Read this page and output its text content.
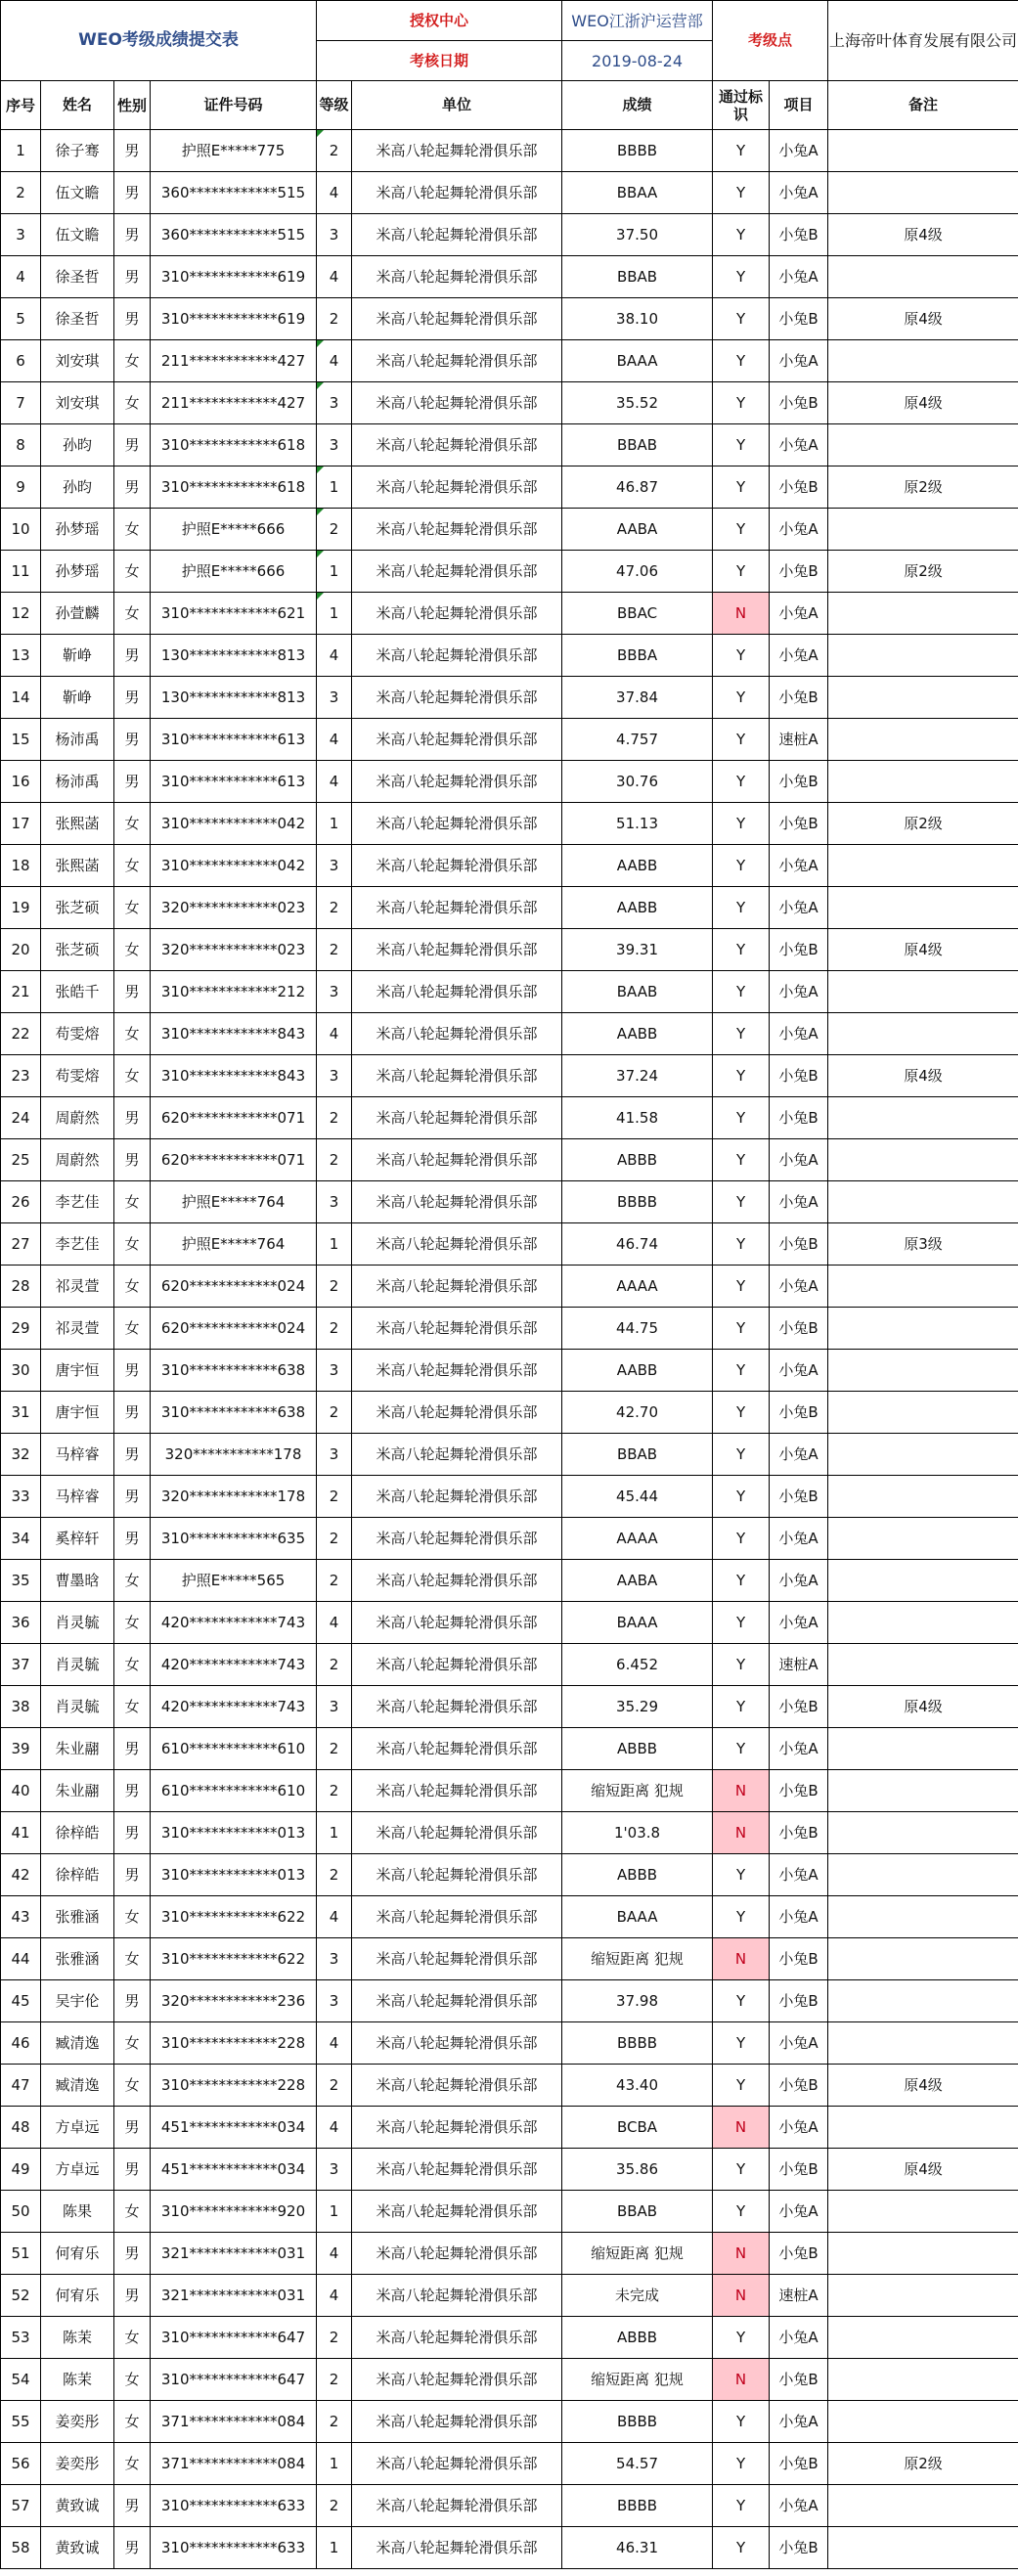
WEO考级成绩提交表				授权中心		WEO江浙沪运营部	考级点		上海帝叶体育发展有限公司
				考核日期		2019-08-24			
序号	姓名	性别	证件号码	等级	单位	成绩	通过标识	项目	备注
1	徐子骞	男	护照E*****775	2	米高八轮起舞轮滑俱乐部	BBBB	Y	小兔A	
2	伍文瞻	男	360************515	4	米高八轮起舞轮滑俱乐部	BBAA	Y	小兔A	
3	伍文瞻	男	360************515	3	米高八轮起舞轮滑俱乐部	37.50	Y	小兔B	原4级
4	徐圣哲	男	310************619	4	米高八轮起舞轮滑俱乐部	BBAB	Y	小兔A	
5	徐圣哲	男	310************619	2	米高八轮起舞轮滑俱乐部	38.10	Y	小兔B	原4级
6	刘安琪	女	211************427	4	米高八轮起舞轮滑俱乐部	BAAA	Y	小兔A	
7	刘安琪	女	211************427	3	米高八轮起舞轮滑俱乐部	35.52	Y	小兔B	原4级
8	孙昀	男	310************618	3	米高八轮起舞轮滑俱乐部	BBAB	Y	小兔A	
9	孙昀	男	310************618	1	米高八轮起舞轮滑俱乐部	46.87	Y	小兔B	原2级
10	孙梦瑶	女	护照E*****666	2	米高八轮起舞轮滑俱乐部	AABA	Y	小兔A	
11	孙梦瑶	女	护照E*****666	1	米高八轮起舞轮滑俱乐部	47.06	Y	小兔B	原2级
12	孙萱麟	女	310************621	1	米高八轮起舞轮滑俱乐部	BBAC	N	小兔A	
13	靳峥	男	130************813	4	米高八轮起舞轮滑俱乐部	BBBA	Y	小兔A	
14	靳峥	男	130************813	3	米高八轮起舞轮滑俱乐部	37.84	Y	小兔B	
15	杨沛禹	男	310************613	4	米高八轮起舞轮滑俱乐部	4.757	Y	速桩A	
16	杨沛禹	男	310************613	4	米高八轮起舞轮滑俱乐部	30.76	Y	小兔B	
17	张熙菡	女	310************042	1	米高八轮起舞轮滑俱乐部	51.13	Y	小兔B	原2级
18	张熙菡	女	310************042	3	米高八轮起舞轮滑俱乐部	AABB	Y	小兔A	
19	张芝硕	女	320************023	2	米高八轮起舞轮滑俱乐部	AABB	Y	小兔A	
20	张芝硕	女	320************023	2	米高八轮起舞轮滑俱乐部	39.31	Y	小兔B	原4级
21	张皓千	男	310************212	3	米高八轮起舞轮滑俱乐部	BAAB	Y	小兔A	
22	苟雯熔	女	310************843	4	米高八轮起舞轮滑俱乐部	AABB	Y	小兔A	
23	苟雯熔	女	310************843	3	米高八轮起舞轮滑俱乐部	37.24	Y	小兔B	原4级
24	周蔚然	男	620************071	2	米高八轮起舞轮滑俱乐部	41.58	Y	小兔B	
25	周蔚然	男	620************071	2	米高八轮起舞轮滑俱乐部	ABBB	Y	小兔A	
26	李艺佳	女	护照E*****764	3	米高八轮起舞轮滑俱乐部	BBBB	Y	小兔A	
27	李艺佳	女	护照E*****764	1	米高八轮起舞轮滑俱乐部	46.74	Y	小兔B	原3级
28	祁灵萱	女	620************024	2	米高八轮起舞轮滑俱乐部	AAAA	Y	小兔A	
29	祁灵萱	女	620************024	2	米高八轮起舞轮滑俱乐部	44.75	Y	小兔B	
30	唐宇恒	男	310************638	3	米高八轮起舞轮滑俱乐部	AABB	Y	小兔A	
31	唐宇恒	男	310************638	2	米高八轮起舞轮滑俱乐部	42.70	Y	小兔B	
32	马梓睿	男	320***********178	3	米高八轮起舞轮滑俱乐部	BBAB	Y	小兔A	
33	马梓睿	男	320************178	2	米高八轮起舞轮滑俱乐部	45.44	Y	小兔B	
34	奚梓轩	男	310************635	2	米高八轮起舞轮滑俱乐部	AAAA	Y	小兔A	
35	曹墨晗	女	护照E*****565	2	米高八轮起舞轮滑俱乐部	AABA	Y	小兔A	
36	肖灵毓	女	420************743	4	米高八轮起舞轮滑俱乐部	BAAA	Y	小兔A	
37	肖灵毓	女	420************743	2	米高八轮起舞轮滑俱乐部	6.452	Y	速桩A	
38	肖灵毓	女	420************743	3	米高八轮起舞轮滑俱乐部	35.29	Y	小兔B	原4级
39	朱业翮	男	610************610	2	米高八轮起舞轮滑俱乐部	ABBB	Y	小兔A	
40	朱业翮	男	610************610	2	米高八轮起舞轮滑俱乐部	缩短距离 犯规	N	小兔B	
41	徐梓皓	男	310************013	1	米高八轮起舞轮滑俱乐部	1'03.8	N	小兔B	
42	徐梓皓	男	310************013	2	米高八轮起舞轮滑俱乐部	ABBB	Y	小兔A	
43	张雅涵	女	310************622	4	米高八轮起舞轮滑俱乐部	BAAA	Y	小兔A	
44	张雅涵	女	310************622	3	米高八轮起舞轮滑俱乐部	缩短距离 犯规	N	小兔B	
45	吴宇伦	男	320************236	3	米高八轮起舞轮滑俱乐部	37.98	Y	小兔B	
46	臧清逸	女	310************228	4	米高八轮起舞轮滑俱乐部	BBBB	Y	小兔A	
47	臧清逸	女	310************228	2	米高八轮起舞轮滑俱乐部	43.40	Y	小兔B	原4级
48	方卓远	男	451************034	4	米高八轮起舞轮滑俱乐部	BCBA	N	小兔A	
49	方卓远	男	451************034	3	米高八轮起舞轮滑俱乐部	35.86	Y	小兔B	原4级
50	陈果	女	310************920	1	米高八轮起舞轮滑俱乐部	BBAB	Y	小兔A	
51	何宥乐	男	321************031	4	米高八轮起舞轮滑俱乐部	缩短距离 犯规	N	小兔B	
52	何宥乐	男	321************031	4	米高八轮起舞轮滑俱乐部	未完成	N	速桩A	
53	陈茉	女	310************647	2	米高八轮起舞轮滑俱乐部	ABBB	Y	小兔A	
54	陈茉	女	310************647	2	米高八轮起舞轮滑俱乐部	缩短距离 犯规	N	小兔B	
55	姜奕彤	女	371************084	2	米高八轮起舞轮滑俱乐部	BBBB	Y	小兔A	
56	姜奕彤	女	371************084	1	米高八轮起舞轮滑俱乐部	54.57	Y	小兔B	原2级
57	黄致诚	男	310************633	2	米高八轮起舞轮滑俱乐部	BBBB	Y	小兔A	
58	黄致诚	男	310************633	1	米高八轮起舞轮滑俱乐部	46.31	Y	小兔B	
